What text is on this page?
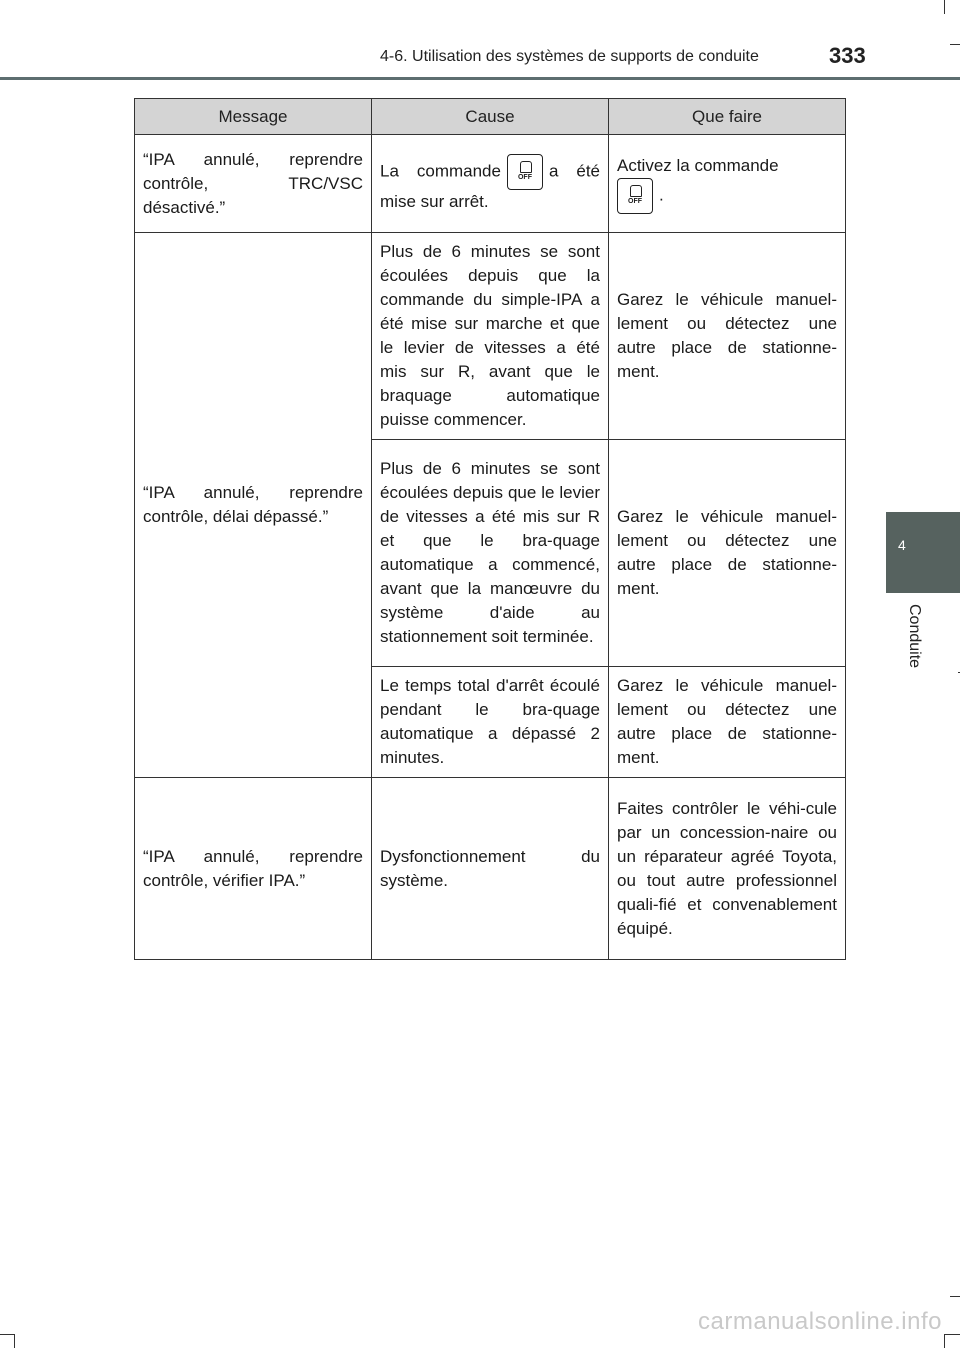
4-6. Utilisation des systèmes de supports de conduite	333
4
Conduite
Message	Cause	Que faire
“IPA annulé, reprendre contrôle, TRC/VSC désactivé.”	La commande OFF a été mise sur arrêt.	Activez la commande

OFF .
“IPA annulé, reprendre contrôle, délai dépassé.”	Plus de 6 minutes se sont écoulées depuis que la commande du simple-IPA a été mise sur marche et que le levier de vitesses a été mis sur R, avant que le braquage automatique puisse commencer.	Garez le véhicule manuel-lement ou détectez une autre place de stationne-ment.
	Plus de 6 minutes se sont écoulées depuis que le levier de vitesses a été mis sur R et que le bra-quage automatique a commencé, avant que la manœuvre du système d'aide au stationnement soit terminée.	Garez le véhicule manuel-lement ou détectez une autre place de stationne-ment.
	Le temps total d'arrêt écoulé pendant le bra-quage automatique a dépassé 2 minutes.	Garez le véhicule manuel-lement ou détectez une autre place de stationne-ment.
“IPA annulé, reprendre contrôle, vérifier IPA.”	Dysfonctionnement du système.	Faites contrôler le véhi-cule par un concession-naire ou un réparateur agréé Toyota, ou tout autre professionnel quali-fié et convenablement équipé.
carmanualsonline.info
